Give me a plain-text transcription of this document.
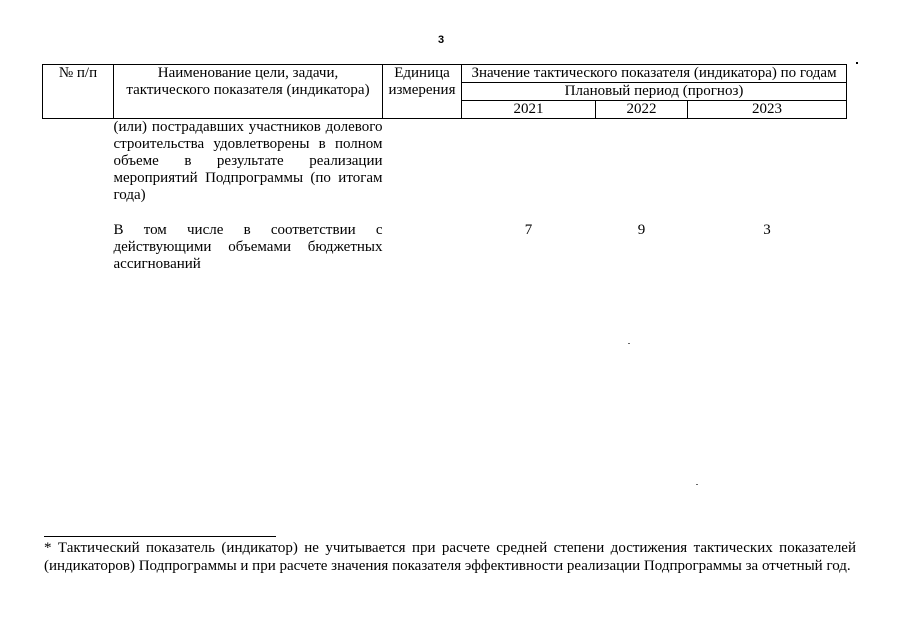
3
№ п/п	Наименование цели, задачи, тактического показателя (индикатора)	Единица измерения	Значение тактического показателя (индикатора) по годам		
			Плановый период (прогноз)		
			2021	2022	2023

	(или) пострадавших участников долевого строительства удовлетворены в полном объеме в результате реализации мероприятий Подпрограммы (по итогам года)				

	В том числе в соответствии с действующими объемами бюджетных ассигнований		7	9	3
* Тактический показатель (индикатор) не учитывается при расчете средней степени достижения тактических показателей (индикаторов) Подпрограммы и при расчете значения показателя эффективности реализации Подпрограммы за отчетный год.
